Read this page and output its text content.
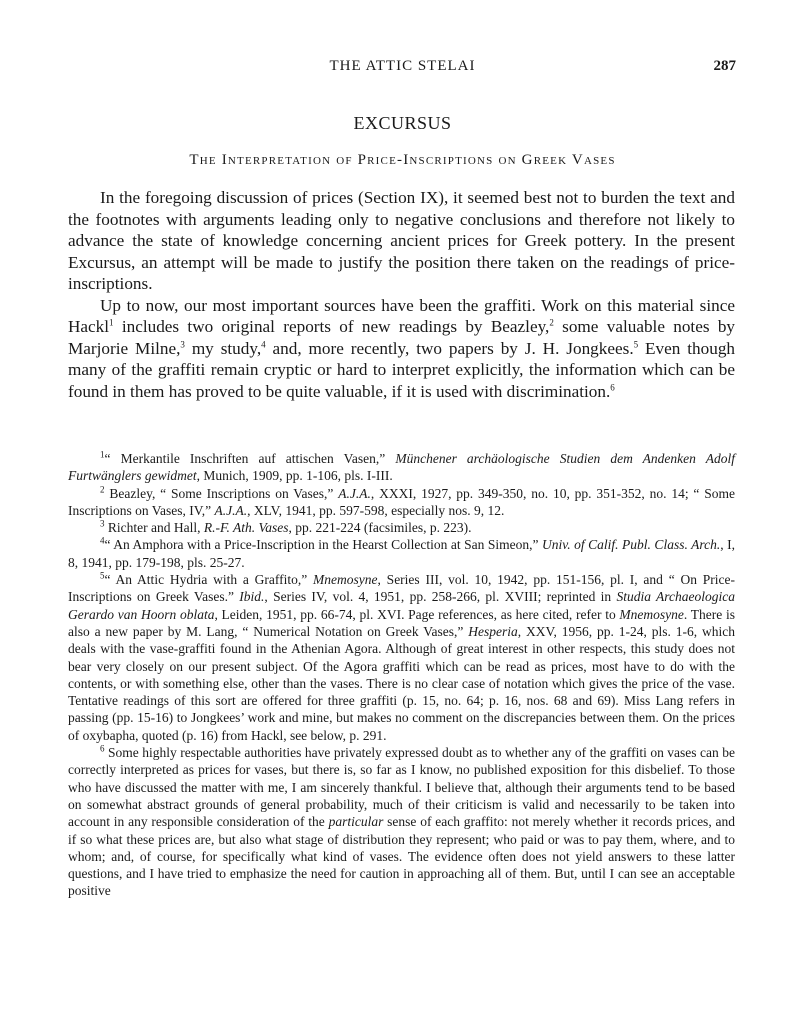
THE ATTIC STELAI	287
EXCURSUS
The Interpretation of Price-Inscriptions on Greek Vases

In the foregoing discussion of prices (Section IX), it seemed best not to burden the text and the footnotes with arguments leading only to negative conclusions and therefore not likely to advance the state of knowledge concerning ancient prices for Greek pottery. In the present Excursus, an attempt will be made to justify the position there taken on the readings of price-inscriptions.

Up to now, our most important sources have been the graffiti. Work on this material since Hackl$^1$ includes two original reports of new readings by Beazley,$^2$ some valuable notes by Marjorie Milne,$^3$ my study,$^4$ and, more recently, two papers by J. H. Jongkees.$^5$ Even though many of the graffiti remain cryptic or hard to interpret explicitly, the information which can be found in them has proved to be quite valuable, if it is used with discrimination.$^6$

$^1$“ Merkantile Inschriften auf attischen Vasen,” Münchener archäologische Studien dem Andenken Adolf Furtwänglers gewidmet, Munich, 1909, pp. 1-106, pls. I-III.

$^2$ Beazley, “ Some Inscriptions on Vases,” A.J.A., XXXI, 1927, pp. 349-350, no. 10, pp. 351-352, no. 14; “ Some Inscriptions on Vases, IV,” A.J.A., XLV, 1941, pp. 597-598, especially nos. 9, 12.

$^3$ Richter and Hall, R.-F. Ath. Vases, pp. 221-224 (facsimiles, p. 223).

$^4$“ An Amphora with a Price-Inscription in the Hearst Collection at San Simeon,” Univ. of Calif. Publ. Class. Arch., I, 8, 1941, pp. 179-198, pls. 25-27.

$^5$“ An Attic Hydria with a Graffito,” Mnemosyne, Series III, vol. 10, 1942, pp. 151-156, pl. I, and “ On Price-Inscriptions on Greek Vases.” Ibid., Series IV, vol. 4, 1951, pp. 258-266, pl. XVIII; reprinted in Studia Archaeologica Gerardo van Hoorn oblata, Leiden, 1951, pp. 66-74, pl. XVI. Page references, as here cited, refer to Mnemosyne. There is also a new paper by M. Lang, “ Numerical Notation on Greek Vases,” Hesperia, XXV, 1956, pp. 1-24, pls. 1-6, which deals with the vase-graffiti found in the Athenian Agora. Although of great interest in other respects, this study does not bear very closely on our present subject. Of the Agora graffiti which can be read as prices, most have to do with the contents, or with something else, other than the vases. There is no clear case of notation which gives the price of the vase. Tentative readings of this sort are offered for three graffiti (p. 15, no. 64; p. 16, nos. 68 and 69). Miss Lang refers in passing (pp. 15-16) to Jongkees’ work and mine, but makes no comment on the discrepancies between them. On the prices of oxybapha, quoted (p. 16) from Hackl, see below, p. 291.

$^6$ Some highly respectable authorities have privately expressed doubt as to whether any of the graffiti on vases can be correctly interpreted as prices for vases, but there is, so far as I know, no published exposition for this disbelief. To those who have discussed the matter with me, I am sincerely thankful. I believe that, although their arguments tend to be based on somewhat abstract grounds of general probability, much of their criticism is valid and necessarily to be taken into account in any responsible consideration of the particular sense of each graffito: not merely whether it records prices, and if so what these prices are, but also what stage of distribution they represent; who paid or was to pay them, where, and to whom; and, of course, for specifically what kind of vases. The evidence often does not yield answers to these latter questions, and I have tried to emphasize the need for caution in approaching all of them. But, until I can see an acceptable positive
